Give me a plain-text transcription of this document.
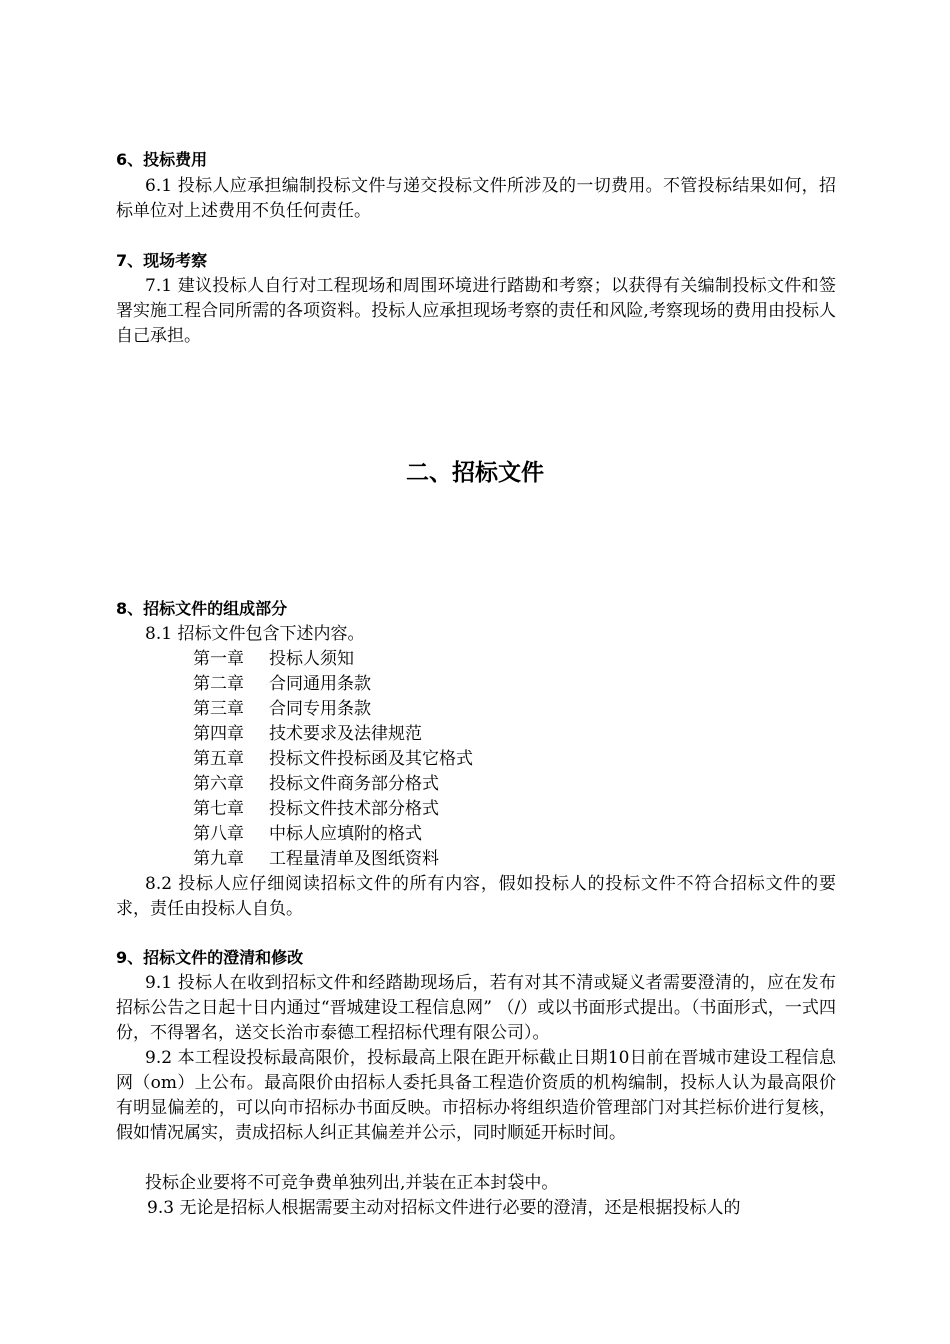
6、投标费用
6.1 投标人应承担编制投标文件与递交投标文件所涉及的一切费用。不管投标结果如何，招标单位对上述费用不负任何责任。
7、现场考察
7.1 建议投标人自行对工程现场和周围环境进行踏勘和考察；以获得有关编制投标文件和签署实施工程合同所需的各项资料。投标人应承担现场考察的责任和风险,考察现场的费用由投标人自己承担。
二、招标文件
8、招标文件的组成部分
8.1 招标文件包含下述内容。
第一章 投标人须知
第二章 合同通用条款
第三章 合同专用条款
第四章 技术要求及法律规范
第五章 投标文件投标函及其它格式
第六章 投标文件商务部分格式
第七章 投标文件技术部分格式
第八章 中标人应填附的格式
第九章 工程量清单及图纸资料
8.2 投标人应仔细阅读招标文件的所有内容，假如投标人的投标文件不符合招标文件的要求，责任由投标人自负。
9、招标文件的澄清和修改
9.1 投标人在收到招标文件和经踏勘现场后，若有对其不清或疑义者需要澄清的，应在发布招标公告之日起十日内通过“晋城建设工程信息网” （/）或以书面形式提出。（书面形式，一式四份，不得署名，送交长治市泰德工程招标代理有限公司）。
9.2 本工程设投标最高限价，投标最高上限在距开标截止日期10日前在晋城市建设工程信息网（om）上公布。最高限价由招标人委托具备工程造价资质的机构编制，投标人认为最高限价有明显偏差的，可以向市招标办书面反映。市招标办将组织造价管理部门对其拦标价进行复核，假如情况属实，责成招标人纠正其偏差并公示，同时顺延开标时间。
投标企业要将不可竞争费单独列出,并装在正本封袋中。
9.3 无论是招标人根据需要主动对招标文件进行必要的澄清，还是根据投标人的
